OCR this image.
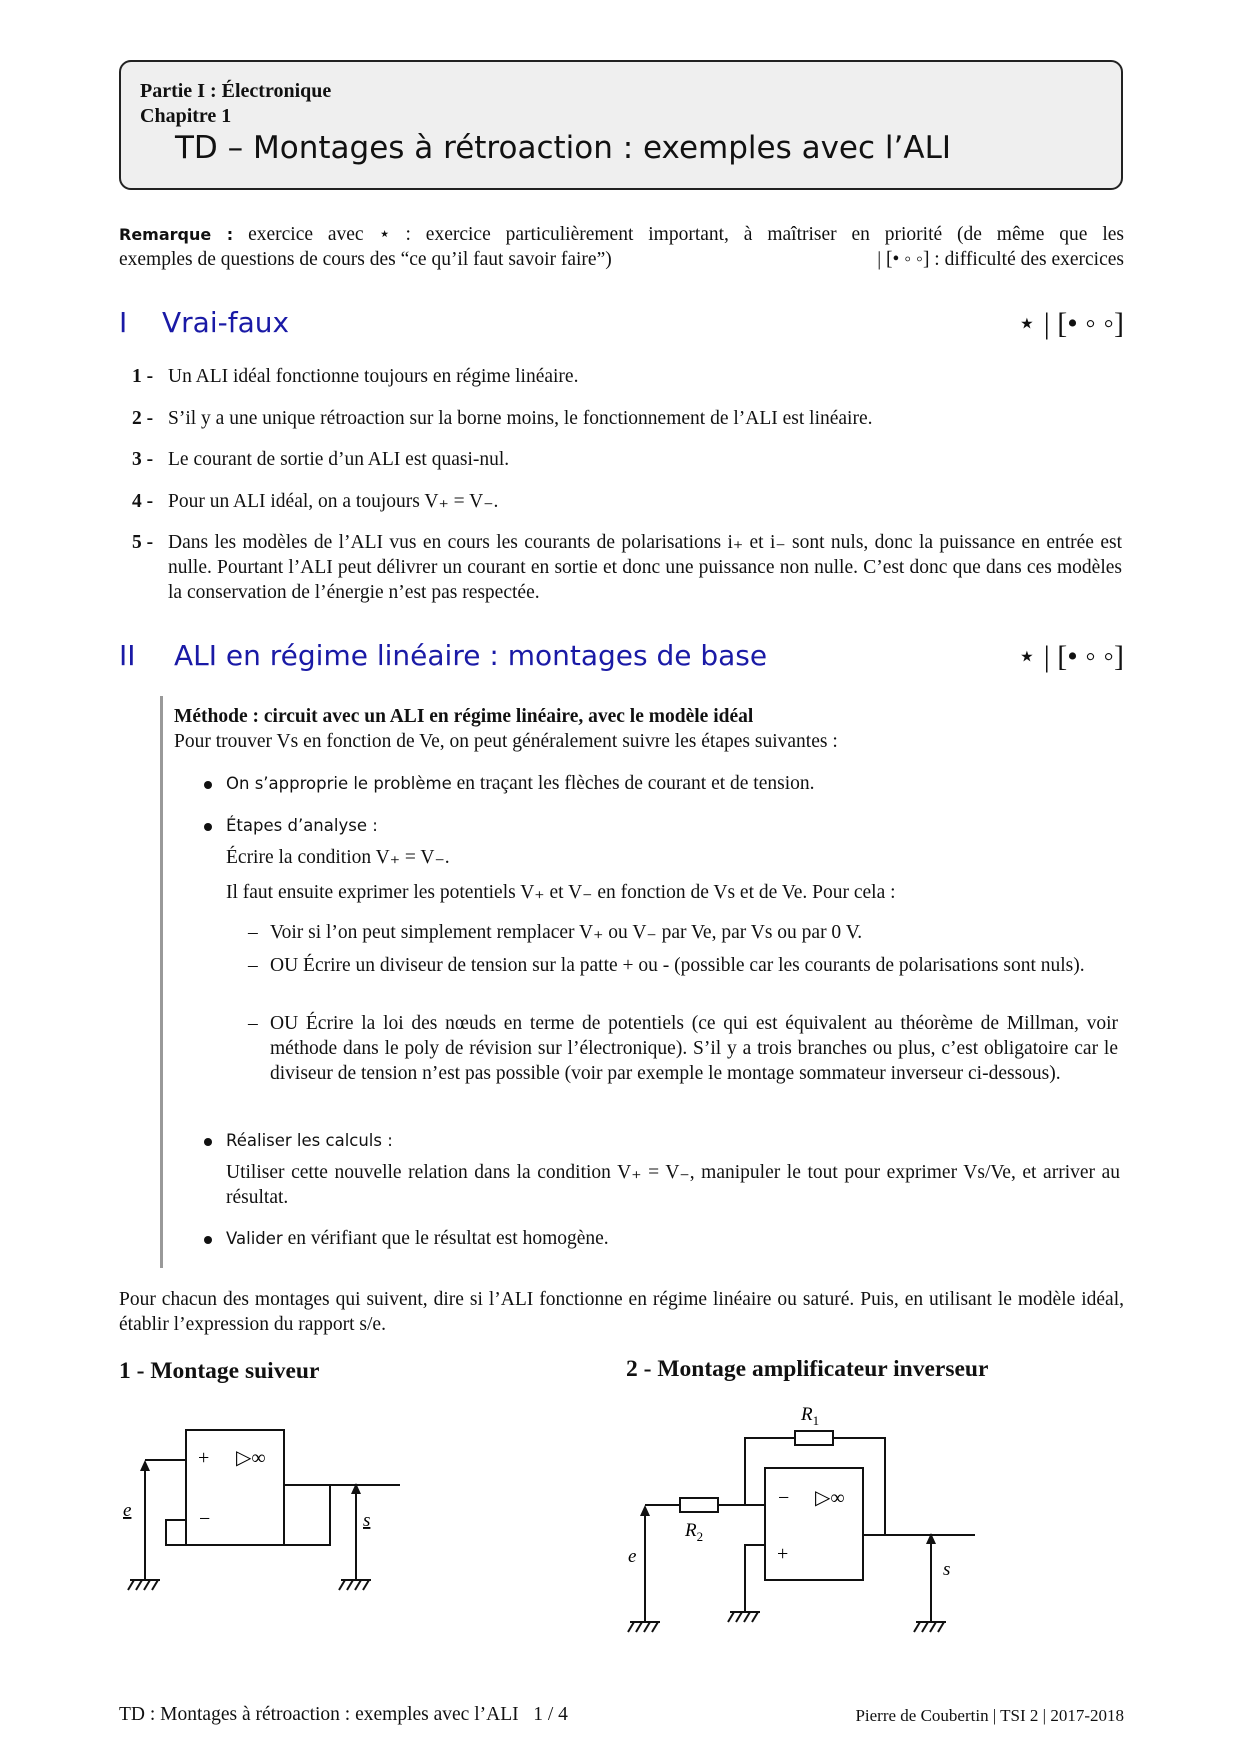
Partie I : Électronique
Chapitre 1
TD – Montages à rétroaction : exemples avec l’ALI
Remarque : exercice avec ⋆ : exercice particulièrement important, à maîtriser en priorité (de même que les
exemples de questions de cours des “ce qu’il faut savoir faire”)	| [• ◦ ◦] : difficulté des exercices
I Vrai-faux	⋆ | [• ◦ ◦]
1 - Un ALI idéal fonctionne toujours en régime linéaire.
2 - S’il y a une unique rétroaction sur la borne moins, le fonctionnement de l’ALI est linéaire.
3 - Le courant de sortie d’un ALI est quasi-nul.
4 - Pour un ALI idéal, on a toujours V₊ = V₋.
5 - Dans les modèles de l’ALI vus en cours les courants de polarisations i₊ et i₋ sont nuls, donc la puissance en entrée est nulle. Pourtant l’ALI peut délivrer un courant en sortie et donc une puissance non nulle. C’est donc que dans ces modèles la conservation de l’énergie n’est pas respectée.
II ALI en régime linéaire : montages de base	⋆ | [• ◦ ◦]
Méthode : circuit avec un ALI en régime linéaire, avec le modèle idéal
Pour trouver Vs en fonction de Ve, on peut généralement suivre les étapes suivantes :
On s’approprie le problème en traçant les flèches de courant et de tension.
Étapes d’analyse :
Écrire la condition V₊ = V₋.
Il faut ensuite exprimer les potentiels V₊ et V₋ en fonction de Vs et de Ve. Pour cela :
– Voir si l’on peut simplement remplacer V₊ ou V₋ par Ve, par Vs ou par 0 V.
– OU Écrire un diviseur de tension sur la patte + ou - (possible car les courants de polarisations sont nuls).
– OU Écrire la loi des nœuds en terme de potentiels (ce qui est équivalent au théorème de Millman, voir méthode dans le poly de révision sur l’électronique). S’il y a trois branches ou plus, c’est obligatoire car le diviseur de tension n’est pas possible (voir par exemple le montage sommateur inverseur ci-dessous).
Réaliser les calculs :
Utiliser cette nouvelle relation dans la condition V₊ = V₋, manipuler le tout pour exprimer Vs/Ve, et arriver au résultat.
Valider en vérifiant que le résultat est homogène.
Pour chacun des montages qui suivent, dire si l’ALI fonctionne en régime linéaire ou saturé. Puis, en utilisant le modèle idéal, établir l’expression du rapport s/e.
1 - Montage suiveur	2 - Montage amplificateur inverseur
+
−
▷∞
e	s
$R_1$
$R_2$
−
+
▷∞
e
s
TD : Montages à rétroaction : exemples avec l’ALI 1 / 4	Pierre de Coubertin | TSI 2 | 2017-2018
